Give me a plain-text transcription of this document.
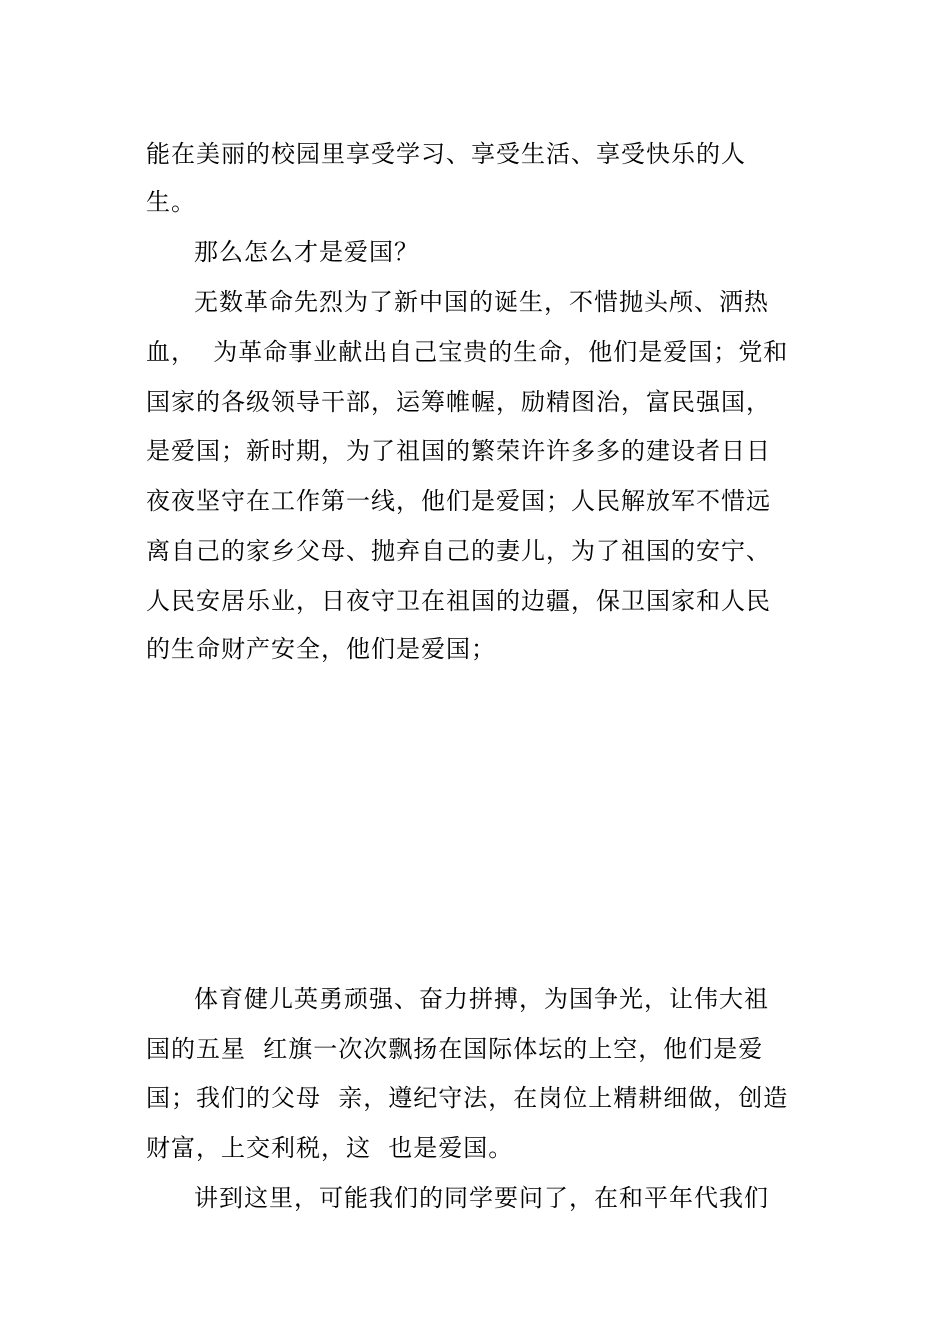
能在美丽的校园里享受学习、享受生活、享受快乐的人
生。
那么怎么才是爱国？
无数革命先烈为了新中国的诞生，不惜抛头颅、洒热
血，  为革命事业献出自己宝贵的生命，他们是爱国；党和
国家的各级领导干部，运筹帷幄，励精图治，富民强国，
是爱国；新时期，为了祖国的繁荣许许多多的建设者日日
夜夜坚守在工作第一线，他们是爱国；人民解放军不惜远
离自己的家乡父母、抛弃自己的妻儿，为了祖国的安宁、
人民安居乐业，日夜守卫在祖国的边疆，保卫国家和人民
的生命财产安全，他们是爱国；
体育健儿英勇顽强、奋力拼搏，为国争光，让伟大祖
国的五星  红旗一次次飘扬在国际体坛的上空，他们是爱
国；我们的父母  亲，遵纪守法，在岗位上精耕细做，创造
财富，上交利税，这  也是爱国。
讲到这里，可能我们的同学要问了，在和平年代我们
